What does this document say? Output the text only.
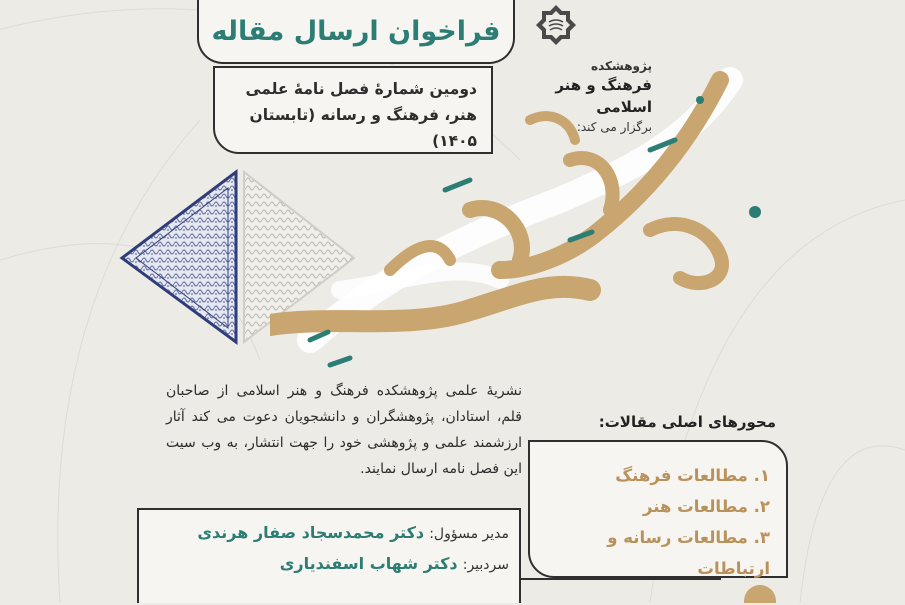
فراخوان ارسال مقاله
دومین شمارۀ فصل نامۀ علمی
هنر، فرهنگ و رسانه (تابستان ۱۴۰۵)
پژوهشکده
فرهنگ و هنر اسلامی
برگزار می کند:
نشریۀ علمی پژوهشکده فرهنگ و هنر اسلامی از صاحبان قلم، استادان، پژوهشگران و دانشجویان دعوت می کند آثار ارزشمند علمی و پژوهشی خود را جهت انتشار، به وب سیت این فصل نامه ارسال نمایند.
محورهای اصلی مقالات:
۱. مطالعات فرهنگ
۲. مطالعات هنر
۳. مطالعات رسانه و ارتباطات
مدیر مسؤول: دکتر محمدسجاد صفار هرندی
سردبیر: دکتر شهاب اسفندیاری
